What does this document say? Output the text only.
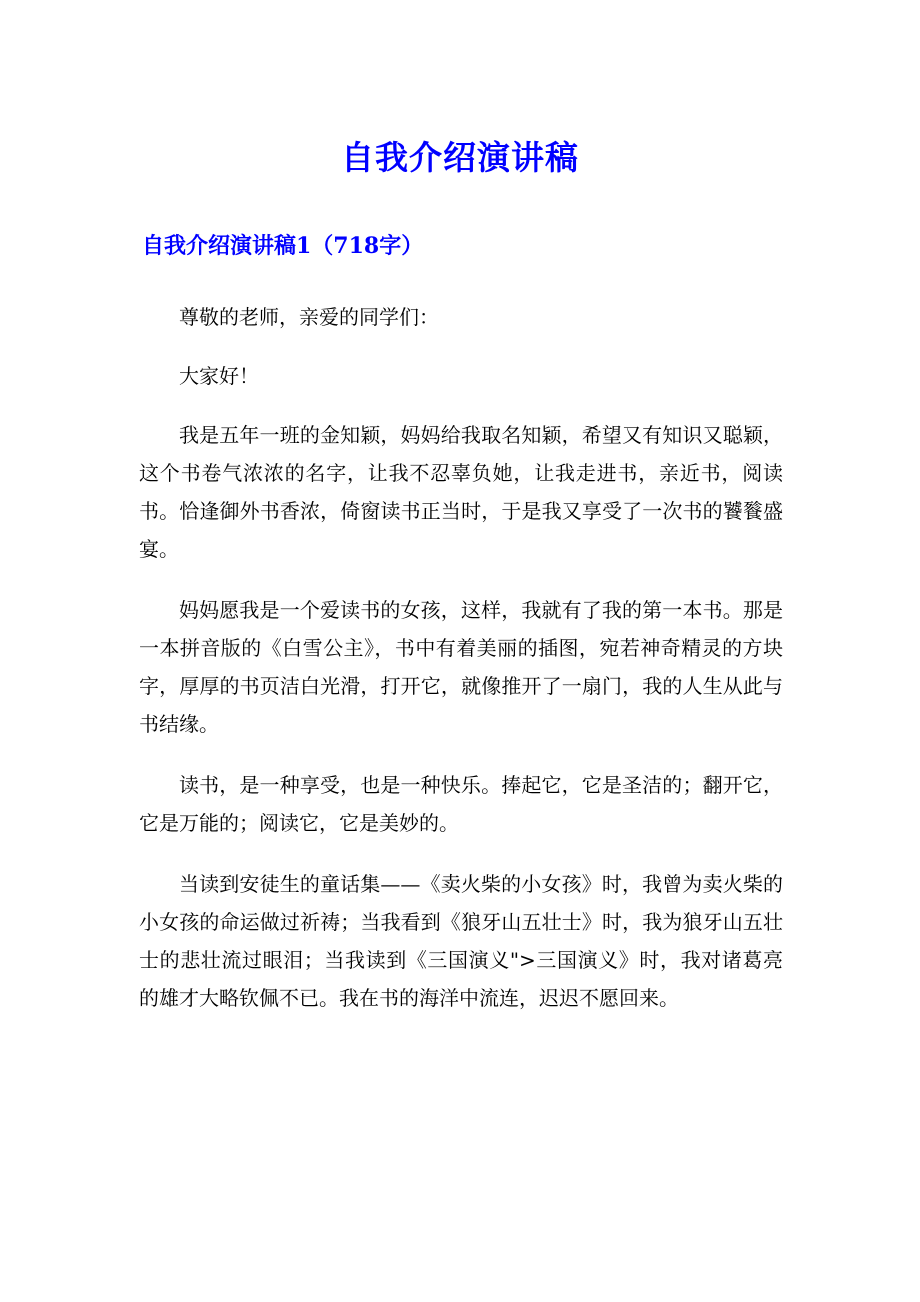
自我介绍演讲稿
自我介绍演讲稿1（718字）

尊敬的老师，亲爱的同学们：

大家好！

我是五年一班的金知颖，妈妈给我取名知颖，希望又有知识又聪颖，这个书卷气浓浓的名字，让我不忍辜负她，让我走进书，亲近书，阅读书。恰逢御外书香浓，倚窗读书正当时，于是我又享受了一次书的饕餮盛宴。

妈妈愿我是一个爱读书的女孩，这样，我就有了我的第一本书。那是一本拼音版的《白雪公主》，书中有着美丽的插图，宛若神奇精灵的方块字，厚厚的书页洁白光滑，打开它，就像推开了一扇门，我的人生从此与书结缘。

读书，是一种享受，也是一种快乐。捧起它，它是圣洁的；翻开它，它是万能的；阅读它，它是美妙的。

当读到安徒生的童话集——《卖火柴的小女孩》时，我曾为卖火柴的小女孩的命运做过祈祷；当我看到《狼牙山五壮士》时，我为狼牙山五壮士的悲壮流过眼泪；当我读到《三国演义">三国演义》时，我对诸葛亮的雄才大略钦佩不已。我在书的海洋中流连，迟迟不愿回来。
